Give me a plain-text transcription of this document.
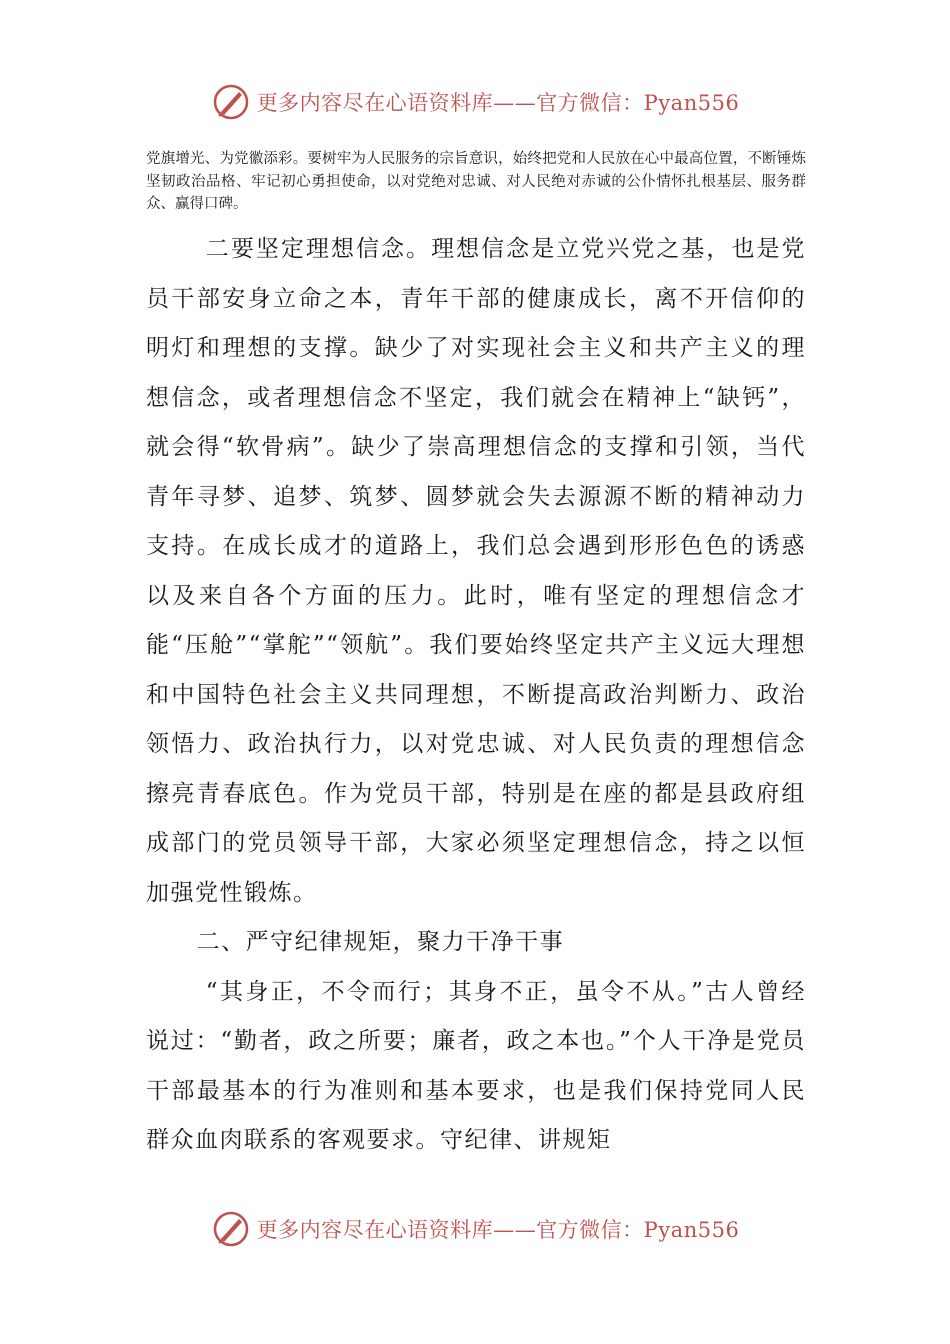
更多内容尽在心语资料库——官方微信：Pyan556

党旗增光、为党徽添彩。要树牢为人民服务的宗旨意识，始终把党和人民放在心中最高位置，不断锤炼坚韧政治品格、牢记初心勇担使命，以对党绝对忠诚、对人民绝对赤诚的公仆情怀扎根基层、服务群众、赢得口碑。

二要坚定理想信念。理想信念是立党兴党之基，也是党员干部安身立命之本，青年干部的健康成长，离不开信仰的明灯和理想的支撑。缺少了对实现社会主义和共产主义的理想信念，或者理想信念不坚定，我们就会在精神上“缺钙”，就会得“软骨病”。缺少了崇高理想信念的支撑和引领，当代青年寻梦、追梦、筑梦、圆梦就会失去源源不断的精神动力支持。在成长成才的道路上，我们总会遇到形形色色的诱惑以及来自各个方面的压力。此时，唯有坚定的理想信念才能“压舱”“掌舵”“领航”。我们要始终坚定共产主义远大理想和中国特色社会主义共同理想，不断提高政治判断力、政治领悟力、政治执行力，以对党忠诚、对人民负责的理想信念擦亮青春底色。作为党员干部，特别是在座的都是县政府组成部门的党员领导干部，大家必须坚定理想信念，持之以恒加强党性锻炼。

二、严守纪律规矩，聚力干净干事

“其身正，不令而行；其身不正，虽令不从。”古人曾经说过：“勤者，政之所要；廉者，政之本也。”个人干净是党员干部最基本的行为准则和基本要求，也是我们保持党同人民群众血肉联系的客观要求。守纪律、讲规矩

更多内容尽在心语资料库——官方微信：Pyan556
